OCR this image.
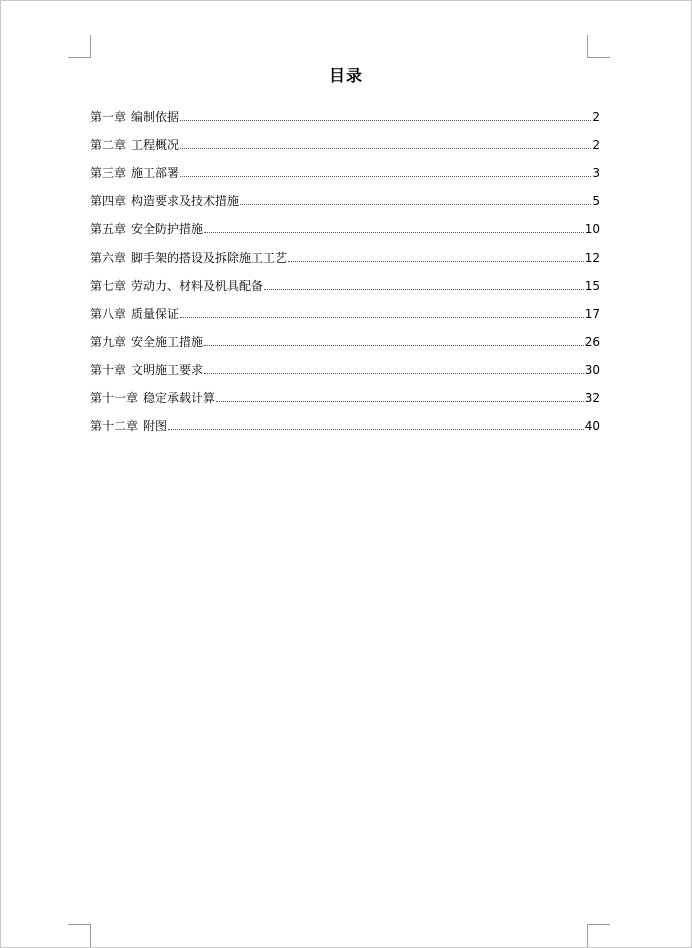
目录
第一章 编制依据	2
第二章 工程概况	2
第三章 施工部署	3
第四章 构造要求及技术措施	5
第五章 安全防护措施	10
第六章 脚手架的搭设及拆除施工工艺	12
第七章 劳动力、材料及机具配备	15
第八章 质量保证	17
第九章 安全施工措施	26
第十章 文明施工要求	30
第十一章 稳定承载计算	32
第十二章 附图	40
